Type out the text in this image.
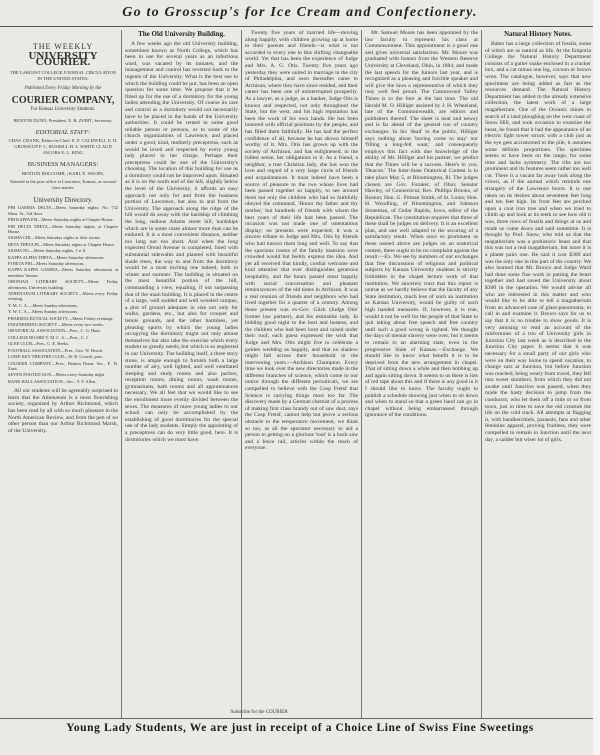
Go to Grosscup's for Ice Cream and Confectionery.
THE WEEKLY
UNIVERSITY COURIER.
THE LARGEST COLLEGE JOURNAL CIRCULATION IN THE UNITED STATES.
Published Every Friday Morning by the
COURIER COMPANY,
For Kansas University Students.
BENTON DUNN, President. E. B. ZURIT, Secretary.
EDITORIAL STAFF:
CHAS. CRANK, Editor-in-Chief. E. F. CALDWELL E. D. GROSSCUP F. C. RUSSELL H. S. WHITE CLAUD JACOBS E. L. KING
BUSINESS MANAGERS:
BENTON HOLCOMB, | KARL E. SWOPE,
Entered at the post office at Lawrence, Kansas, as second class matter.
University Directory.

PHI GAMMA DELTA—Meets Saturday nights, No. 732 Mass. St., 3rd floor.

PHI KAPPA PSI—Meets Saturday nights at Chapter House.

PHI DELTA THETA—Meets Saturday nights, at Chapter House.

SIGMA CHI—Meets Saturday nights at their rooms.

BETA THETA PI—Meets Saturday nights at Chapter House.

SIGMA NU—Meets Saturday nights, 1 st fl.

KAPPA ALPHA THETA—Meets Saturday afternoons.

PI BETA PHI—Meets Saturday afternoons.

KAPPA KAPPA GAMMA—Meets Saturday afternoons at members' homes.

ORONIAN LITERARY SOCIETY—Meets Friday afternoons, University building.

ATHENAEUM LITERARY SOCIETY—Meets every Friday evening.

Y. M. C. A.—Meets Sunday afternoons.

Y. W. C. A.—Meets Sunday afternoons.

PHARMACEUTICAL SOCIETY—Meets Friday evenings.

ENGINEERING SOCIETY—Meets every two weeks.

ORATORICAL ASSOCIATION—Pres., C. G. Hunt.

COLLEGE BOARD Y. M. C. A.—Pres., C. J.

GLEE CLUB—Pres., C. E. Beeks.

FOOTBALL ASSOCIATION—Pres., Geo. W. Beach.

LOWE KEY THEATRE CLUB—W. B. Crouch, pres.

COURIER COMPANY—Pres., Benton Dunn; Sec., E. B. Zurit.

SEVEN FOOTED GUN—Meets every Saturday night.

BANK HALL ASSOCIATION—Sec., Y. F. Allen.

All our students will be agreeably surprised to learn that the Athenæum is a most flourishing society, organized by Arthur Richmond, which has been read by all with so much pleasure in the North American Review, and from the pen of no other person than our Arthur Richmond Marsh, of the University.

The Old University Building.

A few weeks ago the old University building, sometimes known as North College, which has been in use for several years as an infectious ward, was vacated by its inmates, and the management and control has reverted back to the regents of the University. What is the best use to which the building could be put, has been an open question for some time. We propose that it be fitted up for the use of a dormitory for the young ladies attending the University. Of course its care and control as a dormitory would not necessarily have to be placed in the hands of the University authorities. It could be rented to some good reliable person or persons, or to some of the church organizations of Lawrence, and placed under a good, kind, motherly preceptress, such as would be loved and respected by every young lady placed in her charge. Perhaps their preceptress could be one of the University's choosing. The location of this building for use as a dormitory could not be improved upon. Situated as it is on the north end of the hill, slightly below the level of the University, it affords an easy approach not only for and from the business portion of Lawrence, but also to and from the University. The approach along the ridge of the hill would do away with the hardship of climbing the long, tedious Adams street hill, hardships which are in some cases almost more than can be endured. It is a most convenient distance, neither too long nor too short. And when the long expected Oread Avenue is completed, lined with substantial sidewalks and planted with beautiful shade trees, the way to and from the dormitory would be a most inviting one indeed, both in winter and summer. The building is situated on the most beautiful portion of the hill, commanding a view, equaling, if not surpassing that of the main building. It is placed in the centre of a large, well sodded and well wooded campus, a plot of ground adequate in size not only for walks, gardens, etc., but also for croquet and tennis grounds, and the other harmless, yet pleasing sports by which the young ladies occupying the dormitory might not only amuse themselves but also take the exercise which every student so greatly needs, but which is so neglected in our University. The building itself, a three story stone, is ample enough to furnish both a large number of airy, well lighted, and well ventilated sleeping and study rooms and also parlors, reception rooms, dining rooms, wash rooms, gymnasiums, bath rooms and all appurtenances necessary. We all feel that we would like to see the enrollment more evenly divided between the sexes. The measures of more young ladies to our school can only be accomplished by the establishing of good dormitories for the special use of the lady students. Simply the appointing of a preceptress can do very little good, here. It is dormitories which we must have.

Twenty five years of married life—moving along happily, with children growing up at home to their parents and friends—is what is not accorded to every one in this shifting changeable world. Yet that has been the experience of Judge and Mrs. A. G. Otis. Twenty five years ago yesterday they were united in marriage in the city of Philadelphia, and soon thereafter came to Atchison, where they have since resided, and their career has been one of uninterrupted prosperity. As a lawyer, as a judge, as a banker, Judge Otis is known and respected, not only throughout the State, but the west, and his high reputation has been the work of his own hands. He has been honored with official positions by the people, and has filled them faithfully. He has had the perfect confidence of all, because he has shown himself worthy of it. Mrs. Otis has grown up with the society of Atchison, and has enlightened, in the fullest sense, her obligations to it. As a friend, a neighbor, a true Christian lady, she has won the love and regard of a very large circle of friends and acquaintances. It must indeed have been a source of pleasure to the two whose lives had been passed together so happily, to see around them not only the children who had so faithfully obeyed the command, 'Honor thy father and thy mother,' but hundreds of friends with whom the best years of their life had been passed. The occasion was not made one of ostentatious display; no presents were expected; it was a sincere tribute to Judge and Mrs. Otis by friends who had known them long and well. To say that the spacious rooms of the family mansion were crowded would but feebly express the idea. And yet all received that kindly, cordial welcome and kind attention that ever distinguishes generous hospitality, and the hours passed most happily with social conversation and pleasant reminiscences of the old times in Atchison. It was a real reunion of friends and neighbors who had lived together for a quarter of a century. Among those present was ex-Gov. Glick (Judge Otis' former law partner), and his estimable lady. In bidding good night to the host and hostess, and the children who had been born and raised under their roof, each guest expressed the wish that Judge and Mrs. Otis might live to celebrate a golden wedding as happily, and that no shadow might fall across their household in the intervening years.—Atchison Champion. Every time we look over the new directories made in the different branches of science, which come to our notice through the different periodicals, we are compelled to believe with the Cosp Fretsf that Science is carrying things most too far. The discovery made by a German chemist of a process of making first class brandy out of saw dust, says the Cosp Fretsf, cannot help but prove a serious obstacle to the temperance movement, we think so too, as all the spectator necessary to aid a person to getting on a glorious 'toot' is a buck saw and a fence rail, articles within the reach of everyone.

Mr. Samuel Moore has been appointed by the law faculty to represent his class at Commencement. This appointment is a good one and gives universal satisfaction. Mr. Moore was graduated with honors from the Western Reserve University at Cleveland, Ohio, in 1884, and made the last speech for the Juniors last year, and is recognized as a pleasing and forcible speaker and will give the laws a representative of which they may well feel proud. The Cottonwood Valley Times is to the fore at the last time. The old Herald M. O. Hilliger assisted by J. H. Wheeland, late of the Commonwealth, are editors and publishers thereof. The sheet is neat and newsy and is far ahead of the general run of country exchanges. In his 'dead' to the public, Hilliger says nothing about 'having come to stay' nor 'filling a long-felt want,' and consequently employs this fact with due knowledge of the ability of Mr. Hilliger and his partner, we predict that the Times will be a success. Here's to you, 'Deacon.' The Inter-State Oratorical Contest is to take place May 5, at Bloomington, Ill. The judges chosen are Gov. Foraker, of Ohio; Senator Hawley, of Connecticut; Rev. Phillips Brooks, of Boston; Hon. G. Pitman Smith, of St. Louis; Hon. H. Woodling, of Bloomington, and Johnson Stoneman, of Cedar Rapids, Iowa, editor of the Republican. The constitution requires that three of these shall be judges on delivery. It is an excellent plan, and one well adapted to the securing of a satisfactory result. When once so prominent as these named above are judges on an oratorical contest, there ought to be no complaint against the result.—Ex. We see by numbers of our exchanges that free discussions of religious and political subjects by Kansas University students is strictly forbidden in the chapel lecture work of that institution. We sincerely trust that this report is untrue as we hardly believe that the faculty of any State institution, much less of such an institution as Kansas University, would be guilty of such high handed measures. If, however, it is true, would it not be well for the people of that State to quit taking about free speech and free country until such a good wrong is righted. We thought the days of mental slavery were over, but it seems to remain to an alarming state, even in the progressive State of Kansas.—Exchange. We should like to know what benefit it is to be deprived from the new arrangement in chapel. That of sitting down a while and then bobbing up and again sitting down. It seems to us there is lots of red tape about this and if there is any good in it I should like to know. The faculty ought to publish a schedule showing just when to sit down and when to stand so that a green hand can go in chapel without being embarrassed through ignorance of the conditions.

Natural History Notes.

Baker has a large collection of fossils, some of which are as natural as life. At the Emporia College the Natural History Department consists of a gutter snake enclosed in a cracker box, and a cat minus one leg, cocoon or brown wren. The catalogue, however, says that new specimens are being added as fast as the resources demand. The Natural History Department has added to the already extensive collection, the latest work of a large magatherium. One of the Oceanic mines in search of a land ploughing on the west coast of Snow Hill, and took occasion to examine the beast, he found that it had the appearance of an electric light tower struck with a club just as the eye gets accustomed to the pile, it assumes some definite proportions. The specimen seems to have been on the range, for some time and lacks symmetry. The ribs are too prominent and its features seem rather too well cut. There is a vacant far away look along the crown, as if the animal which reminds one strangely of the Lawrence boom. It is one taken on its desires about seventeen feet long and ten feet high. Its front feet are perched upon a coat iron tree and when we tried to climb up and look at its teeth to see how old it was, three rows of fossils and things at us and made us come down and said sometime. It is thought by Prof. Snow, who told us that the magatherium was a prehistoric beast and that this was not a real magatherium, but more it is a planet pairs one. He said it cost $300 and was the only one in this part of the country. We also learned that Mr. Brown and Judge Ward had done some fine work in putting the beast together and had saved the University about $300 in the operation. We would advise all who are interested in this matter and who would like to be able to tell a magatherium from an advanced case of glass-pneumonia, to call in and examine it. Brown says for us to say that it is no trouble to show goods. It is very amusing to read an account of the misfortunes of a trio of University girls in Junction City last week as is described in the Junction City paper. It seems that it was necessary for a small party of our girls who were on their way home to spend vacation, to change cars at Junction, but before Junction was reached, being weary from travel, they fell into sweet slumbers, from which they did not awake until Junction was passed, when they made the hasty decision to jump from the conductor, who let them off a mile or so from town, just in time to save the old creature the life on the cold track. All attempts at flagging it, with handkerchiefs, parasols, fans and other feminine apparel, proving fruitless, they were compelled to remain in Junction until the next day, a sadder but wiser lot of girls.

Subscribe for the COURIER
Young Lady Students, We are just in receipt of a Choice Line of Swiss Fine Sweetings
